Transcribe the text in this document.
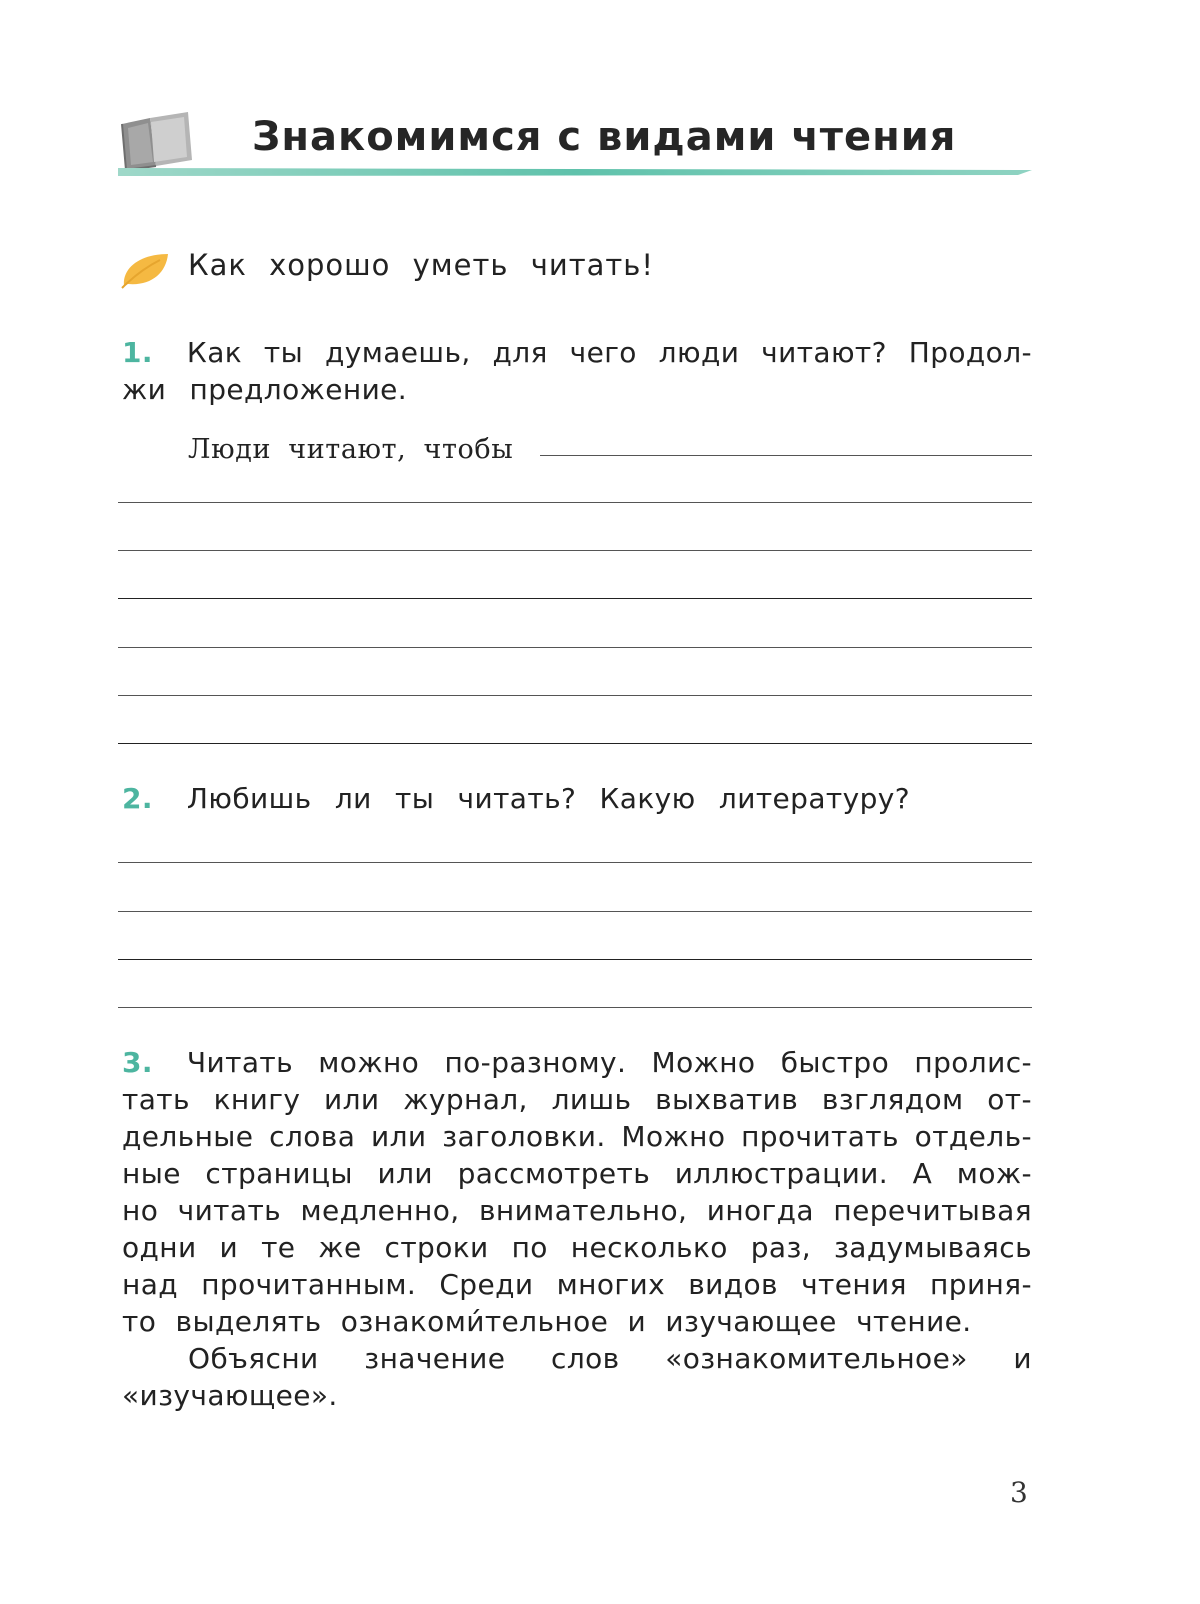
Знакомимся с видами чтения
Как хорошо уметь читать!
1. Как ты думаешь, для чего люди читают? Продол-
жи предложение.
Люди читают, чтобы
2. Любишь ли ты читать? Какую литературу?
3. Читать можно по-разному. Можно быстро пролис-
тать книгу или журнал, лишь выхватив взглядом от-
дельные слова или заголовки. Можно прочитать отдель-
ные страницы или рассмотреть иллюстрации. А мож-
но читать медленно, внимательно, иногда перечитывая
одни и те же строки по несколько раз, задумываясь
над прочитанным. Среди многих видов чтения приня-
то выделять ознакоми́тельное и изучающее чтение.
Объясни значение слов «ознакомительное» и
«изучающее».
3
